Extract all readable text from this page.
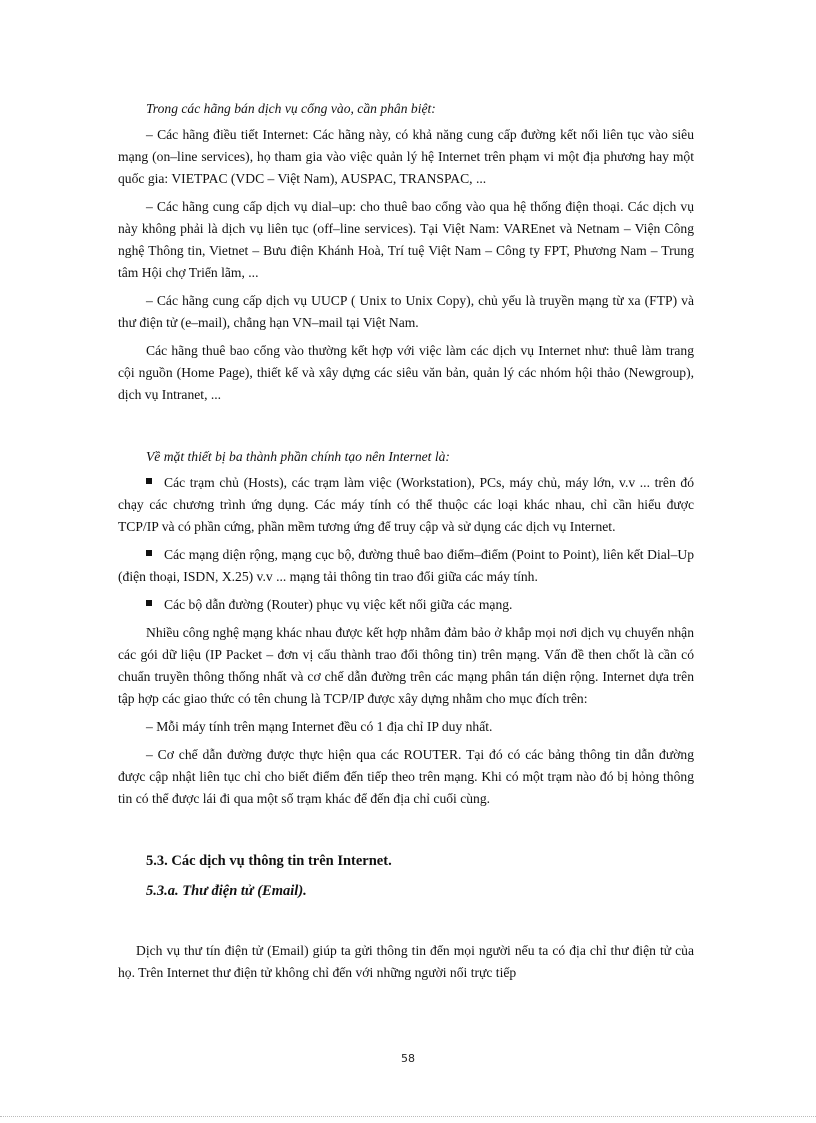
Trong các hãng bán dịch vụ cổng vào, cần phân biệt:

– Các hãng điều tiết Internet: Các hãng này, có khả năng cung cấp đường kết nối liên tục vào siêu mạng (on–line services), họ tham gia vào việc quản lý hệ Internet trên phạm vi một địa phương hay một quốc gia: VIETPAC (VDC – Việt Nam), AUSPAC, TRANSPAC, ...

– Các hãng cung cấp dịch vụ dial–up: cho thuê bao cổng vào qua hệ thống điện thoại. Các dịch vụ này không phải là dịch vụ liên tục (off–line services). Tại Việt Nam: VAREnet và Netnam – Viện Công nghệ Thông tin, Vietnet – Bưu điện Khánh Hoà, Trí tuệ Việt Nam – Công ty FPT, Phương Nam – Trung tâm Hội chợ Triển lãm, ...

– Các hãng cung cấp dịch vụ UUCP ( Unix to Unix Copy), chủ yếu là truyền mạng từ xa (FTP) và thư điện tử (e–mail), chẳng hạn VN–mail tại Việt Nam.

Các hãng thuê bao cổng vào thường kết hợp với việc làm các dịch vụ Internet như: thuê làm trang cội nguồn (Home Page), thiết kế và xây dựng các siêu văn bản, quản lý các nhóm hội thảo (Newgroup), dịch vụ Intranet, ...

Về mặt thiết bị ba thành phần chính tạo nên Internet là:

Các trạm chủ (Hosts), các trạm làm việc (Workstation), PCs, máy chủ, máy lớn, v.v ... trên đó chạy các chương trình ứng dụng. Các máy tính có thể thuộc các loại khác nhau, chỉ cần hiểu được TCP/IP và có phần cứng, phần mềm tương ứng để truy cập và sử dụng các dịch vụ Internet.

Các mạng diện rộng, mạng cục bộ, đường thuê bao điểm–điểm (Point to Point), liên kết Dial–Up (điện thoại, ISDN, X.25) v.v ... mạng tải thông tin trao đổi giữa các máy tính.

Các bộ dẫn đường (Router) phục vụ việc kết nối giữa các mạng.

Nhiều công nghệ mạng khác nhau được kết hợp nhằm đảm bảo ở khắp mọi nơi dịch vụ chuyển nhận các gói dữ liệu (IP Packet – đơn vị cấu thành trao đổi thông tin) trên mạng. Vấn đề then chốt là cần có chuẩn truyền thông thống nhất và cơ chế dẫn đường trên các mạng phân tán diện rộng. Internet dựa trên tập hợp các giao thức có tên chung là TCP/IP được xây dựng nhằm cho mục đích trên:

– Mỗi máy tính trên mạng Internet đều có 1 địa chỉ IP duy nhất.

– Cơ chế dẫn đường được thực hiện qua các ROUTER. Tại đó có các bảng thông tin dẫn đường được cập nhật liên tục chỉ cho biết điểm đến tiếp theo trên mạng. Khi có một trạm nào đó bị hỏng thông tin có thể được lái đi qua một số trạm khác để đến địa chỉ cuối cùng.

5.3. Các dịch vụ thông tin trên Internet.

5.3.a. Thư điện tử (Email).

Dịch vụ thư tín điện tử (Email) giúp ta gửi thông tin đến mọi người nếu ta có địa chỉ thư điện tử của họ. Trên Internet thư điện tử không chỉ đến với những người nối trực tiếp

58
